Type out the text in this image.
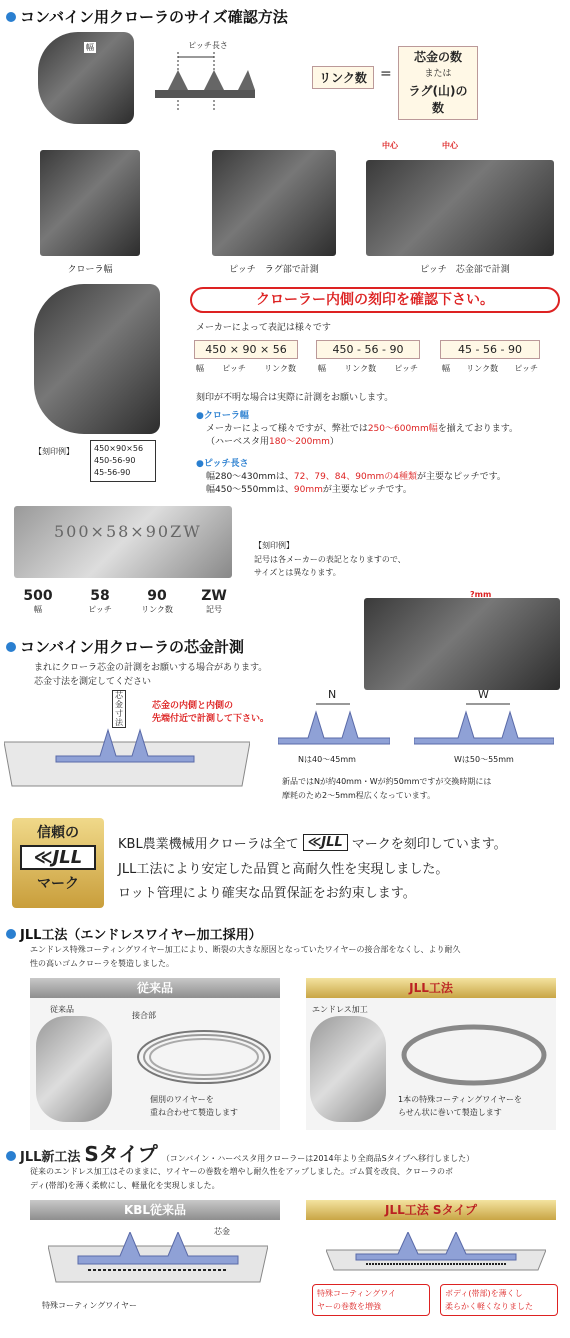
コンバイン用クローラのサイズ確認方法
幅	ピッチ長さ
リンク数 =
芯金の数
または
ラグ(山)の数
クローラ幅	ピッチ　ラグ部で計測
中心	中心
ピッチ　芯金部で計測
クローラー内側の刻印を確認下さい。
メーカーによって表記は様々です
450 × 90 × 56
幅 ピッチ リンク数
450 - 56 - 90
幅 リンク数 ピッチ
45 - 56 - 90
幅 リンク数 ピッチ
刻印が不明な場合は実際に計測をお願いします。
●クローラ幅
メーカーによって様々ですが、弊社では250～600mm幅を揃えております。
（ハーベスタ用180～200mm）
●ピッチ長さ
幅280～430mmは、72、79、84、90mmの4種類が主要なピッチです。
幅450～550mmは、90mmが主要なピッチです。
【刻印例】	450×90×56
450-56-90
45-56-90
500×58×90ZW
500
幅
58
ピッチ
90
リンク数
ZW
記号
【刻印例】
記号は各メーカーの表記となりますので、
サイズとは異なります。
コンバイン用クローラの芯金計測
?mm
まれにクローラ芯金の計測をお願いする場合があります。
芯金寸法を測定してください
芯金寸法
芯金の内側と内側の
先端付近で計測して下さい。
N
Nは40～45mm
W
Wは50～55mm
新品ではNが約40mm・Wが約50mmですが交換時期には
摩耗のため2～5mm程広くなっています。
信頼の
≪JLL
マーク
KBL農業機械用クローラは全て ≪JLL マークを刻印しています。
JLL工法により安定した品質と高耐久性を実現しました。
ロット管理により確実な品質保証をお約束します。
JLL工法（エンドレスワイヤー加工採用）
エンドレス特殊コーティングワイヤー加工により、断裂の大きな原因となっていたワイヤーの接合部をなくし、より耐久
性の高いゴムクローラを製造しました。
従来品	JLL工法
従来品
接合部
個別のワイヤーを
重ね合わせて製造します
エンドレス加工
1本の特殊コーティングワイヤーを
らせん状に巻いて製造します
JLL新工法 Sタイプ （コンバイン・ハーベスタ用クローラーは2014年より全商品Sタイプへ移行しました）
従来のエンドレス加工はそのままに、ワイヤーの巻数を増やし耐久性をアップしました。ゴム質を改良、クローラのボ
ディ(帯部)を薄く柔軟にし、軽量化を実現しました。
KBL従来品	JLL工法 Sタイプ
芯金
特殊コーティングワイヤー
特殊コーティングワイ
ヤーの巻数を増強
ボディ(帯部)を薄くし
柔らかく軽くなりました
